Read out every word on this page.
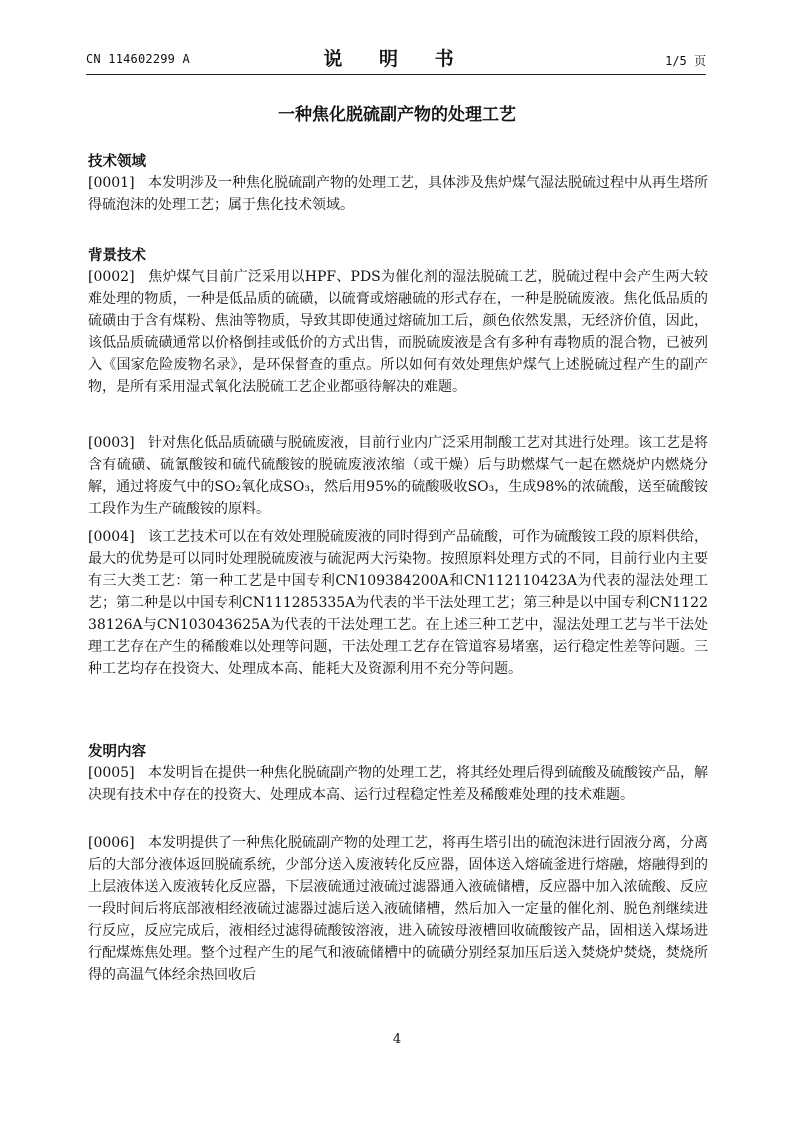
CN 114602299 A	说 明 书	1/5 页
一种焦化脱硫副产物的处理工艺
技术领域
[0001] 本发明涉及一种焦化脱硫副产物的处理工艺，具体涉及焦炉煤气湿法脱硫过程中从再生塔所得硫泡沫的处理工艺；属于焦化技术领域。
背景技术
[0002] 焦炉煤气目前广泛采用以HPF、PDS为催化剂的湿法脱硫工艺，脱硫过程中会产生两大较难处理的物质，一种是低品质的硫磺，以硫膏或熔融硫的形式存在，一种是脱硫废液。焦化低品质的硫磺由于含有煤粉、焦油等物质，导致其即使通过熔硫加工后，颜色依然发黑，无经济价值，因此，该低品质硫磺通常以价格倒挂或低价的方式出售，而脱硫废液是含有多种有毒物质的混合物，已被列入《国家危险废物名录》，是环保督查的重点。所以如何有效处理焦炉煤气上述脱硫过程产生的副产物，是所有采用湿式氧化法脱硫工艺企业都亟待解决的难题。
[0003] 针对焦化低品质硫磺与脱硫废液，目前行业内广泛采用制酸工艺对其进行处理。该工艺是将含有硫磺、硫氰酸铵和硫代硫酸铵的脱硫废液浓缩（或干燥）后与助燃煤气一起在燃烧炉内燃烧分解，通过将废气中的SO₂氧化成SO₃，然后用95%的硫酸吸收SO₃，生成98%的浓硫酸，送至硫酸铵工段作为生产硫酸铵的原料。
[0004] 该工艺技术可以在有效处理脱硫废液的同时得到产品硫酸，可作为硫酸铵工段的原料供给，最大的优势是可以同时处理脱硫废液与硫泥两大污染物。按照原料处理方式的不同，目前行业内主要有三大类工艺：第一种工艺是中国专利CN109384200A和CN112110423A为代表的湿法处理工艺；第二种是以中国专利CN111285335A为代表的半干法处理工艺；第三种是以中国专利CN112238126A与CN103043625A为代表的干法处理工艺。在上述三种工艺中，湿法处理工艺与半干法处理工艺存在产生的稀酸难以处理等问题，干法处理工艺存在管道容易堵塞，运行稳定性差等问题。三种工艺均存在投资大、处理成本高、能耗大及资源利用不充分等问题。
发明内容
[0005] 本发明旨在提供一种焦化脱硫副产物的处理工艺，将其经处理后得到硫酸及硫酸铵产品，解决现有技术中存在的投资大、处理成本高、运行过程稳定性差及稀酸难处理的技术难题。
[0006] 本发明提供了一种焦化脱硫副产物的处理工艺，将再生塔引出的硫泡沫进行固液分离，分离后的大部分液体返回脱硫系统，少部分送入废液转化反应器，固体送入熔硫釜进行熔融，熔融得到的上层液体送入废液转化反应器，下层液硫通过液硫过滤器通入液硫储槽，反应器中加入浓硫酸、反应一段时间后将底部液相经液硫过滤器过滤后送入液硫储槽，然后加入一定量的催化剂、脱色剂继续进行反应，反应完成后，液相经过滤得硫酸铵溶液，进入硫铵母液槽回收硫酸铵产品，固相送入煤场进行配煤炼焦处理。整个过程产生的尾气和液硫储槽中的硫磺分别经泵加压后送入焚烧炉焚烧，焚烧所得的高温气体经余热回收后
4
